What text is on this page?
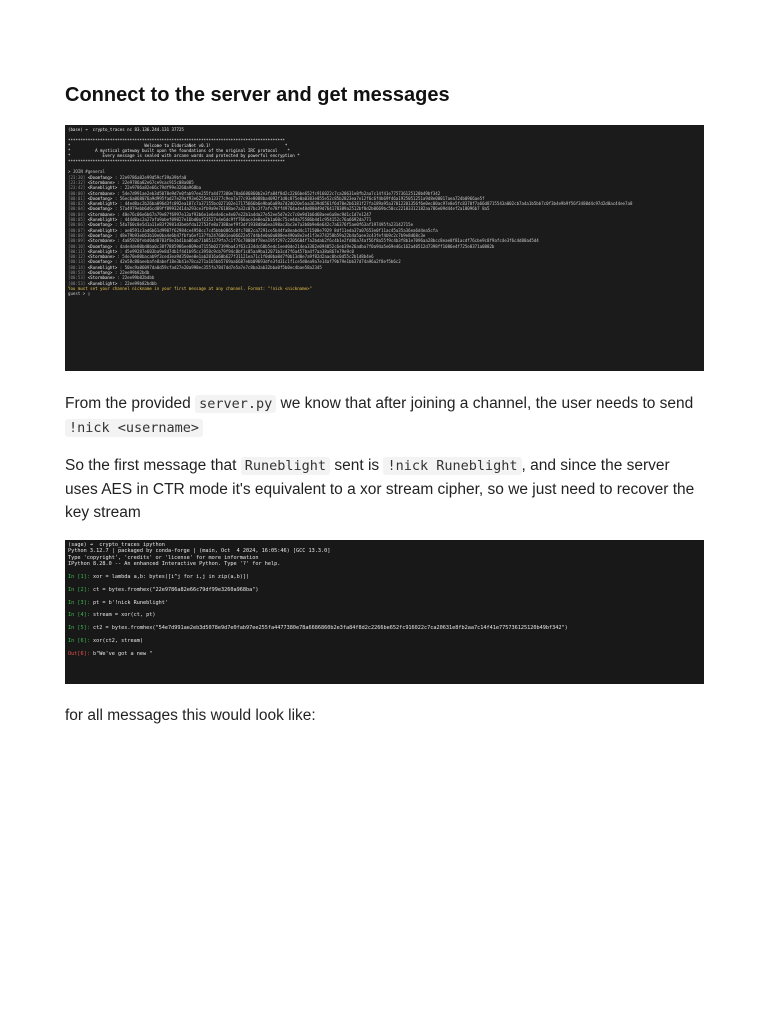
Connect to the server and get messages
(base) ➜  crypto_traces nc 83.136.244.131 37725
****************************************************************************************
*                              Welcome to EldoriaNet v0.1!                              *
*          A mystical gateway built upon the foundations of the original IRC protocol    *
*             Every message is sealed with arcane wards and protected by powerful encryption *
****************************************************************************************
> JOIN #general
[23:30] <Doomfang> : 22e9786a82e99d59cf39a39bfa0
[23:32] <Stormbane> : 22e9786a82e67ce9cac915c08a085
[23:42] <Runeblight> : 22e9786a82e66c79df99e3260a968ba
[00:00] <Stormbane> : 54e7d991ae2eb3d5078e9d7e0fab97ee255fa4477380e78a6686860b2e3fa84f8d2c2266be652fc916022c7ca20631e8fb2aa7c14f41e775736125120b49bf342
[00:01] <Doomfang> : 56ec6a068076a9d995fad27e29af93e6255eb13377c9ea7a77c93e8088ba4092f1d8c875e0a0383e855e52c85b2823ea7e12f6c6f4b69f46a1925051251a9d8e00017aea724b0966ae5f
[00:02] <Runeblight> : 44ed8ac2b26ba096d3fc092ea187c7a37155bc027102e17175666b6e9ba6a89a7d2d020e5aa3639d6561f6d70e2b6181f27fa189a95a37012201356f6e0ec00ac97e8e5fc8370f7a66d8715543a002cb7a4a1b5bb7c0f3b4e9b9f56f3480d4c97d2d0ac44ee7a8
[00:04] <Doomfang> : 57a4979ebb6d6cd89ff89932414a293ce3fb9a9e76188ae7a32c07bc3f7afe78ff49764a4e48d88049d764178389a2512bf8d2b0669bc50cc22183312182aa786e09d44ef2a18096b7 8a5
[00:04] <Stormbane> : 48e76c06e6b67a79e87f6997e13af93b6e1e6e4e6ce4e07e22b1a4da27e52ee5d7e2c7c0e9d1b6d68aee6a8ec9d1c1d7e1247
[00:05] <Runeblight> : 444d0ac2a27afa9abef09827e16bd0af23527e4e6dc9ff766ace3e8ea2b1a60c75ce4da75586b4d1c954152c76a6692da771
[00:06] <Doomfang> : 54a760c8e5d1a11e83f2981d3bebfda12753fe8a7388aef9f3df1938d8a6ea198ac3bc3e7a3b8b9e8e642c7a6376f5ae0f63af197495fa23142715e
[00:07] <Runeblight> : ae0591c3ad6b61d9907f62984ce4950cc7c45bbb0865c0fc7082ca7291ce5b44fa8eabd4c171508e7929 8df11eda37a07653e0f11ac45a35a36ea6d4ea5cfa
[00:08] <Doomfang> : 48e79b93eb63b10e0ba4e6b47fbfa6ef137fb2476001ea06622e57d4b4e0a0a888ee490a8e2e41f3e374250b59a22b4a5aee3c43fef4b9c2c7b9e8d68c3e
[00:09] <Stormbane> : 4a85920febd0dd0703f8e3b41ba06ab71b851379fa7c1f76c70080f78ea195f297c2205604f7a2bdab2f6c4b1e2fd86a74af56f8a55f9c4b3f8b1e7096aa28bcc8eae8f81acdf76cbe9c8f9afc4e3f6c4d80a45d4
[00:10] <Doomfang> : 4a4e4de80bd0ba0c38f7885986ee809ed7155b027399ba43f63c334dc60b5edc1eed0de214ea3382e094052c6eb39e26adba7f0a94a5e69e46c162a40512d7398ff1086e4f725e0371a0882b
[00:11] <Runeblight> : 45e99287e603ba9e8d7db1f4d1b95cc3950c9cb79f94c8bf1c05aa9ba12071b3cd7f6a457ba4f7aa38a867e79e9c0
[00:12] <Stormbane> : 54e70e80bacab9f3ced3ea9d350ee0e1ab2816a60b627f31121ea71c1f0d0ba0d7f0b13d0e7a9f82d2aac0bc0d55c2b1d8b4e6
[00:13] <Doomfang> : 42e58c80aeebafe8abef18e3b41e78ca271a1b5bb5769aa6687ebb09693dfe3fd31c1f1ce5d0ea9a7e14af79b79e1bb37d74a96a2f8ef5b6c2
[00:14] <Runeblight> : 50ec9a86097da0d59cfad27e20a998ec355fa7847dd7e5a7e7c8ba3ab32bba0f5b0ec4bae58a2345
[00:53] <Doomfang> : 22ee99b82bdb
[00:53] <Stormbane> : 22ee99b82bdbb
[00:53] <Runeblight> : 22ee99b82bdbb
You must set your channel nickname in your first message at any channel. Format: "!nick <nickname>"
guest > ▯

From the provided server.py we know that after joining a channel, the user needs to send !nick <username>

So the first message that Runeblight sent is !nick Runeblight , and since the server uses AES in CTR mode it's equivalent to a xor stream cipher, so we just need to recover the key stream

(sage) ➜  crypto_traces ipython
Python 3.12.7 | packaged by conda-forge | (main, Oct  4 2024, 16:05:46) [GCC 13.3.0]
Type 'copyright', 'credits' or 'license' for more information
IPython 8.28.0 -- An enhanced Interactive Python. Type '?' for help.
In [1]: xor = lambda a,b: bytes([i^j for i,j in zip(a,b)])
In [2]: ct = bytes.fromhex("22e9786a82e66c79df99e3260a968ba")
In [3]: pt = b'!nick Runeblight'
In [4]: stream = xor(ct, pt)
In [5]: ct2 = bytes.fromhex("54e7d991ae2eb3d5078e9d7e0fab97ee255fa4477380e78a6686860b2e3fa84f8d2c2266be652fc916022c7ca20631e8fb2aa7c14f41e775736125120b49bf342")
In [6]: xor(ct2, stream)
Out[6]: b"We've got a new "

for all messages this would look like:
